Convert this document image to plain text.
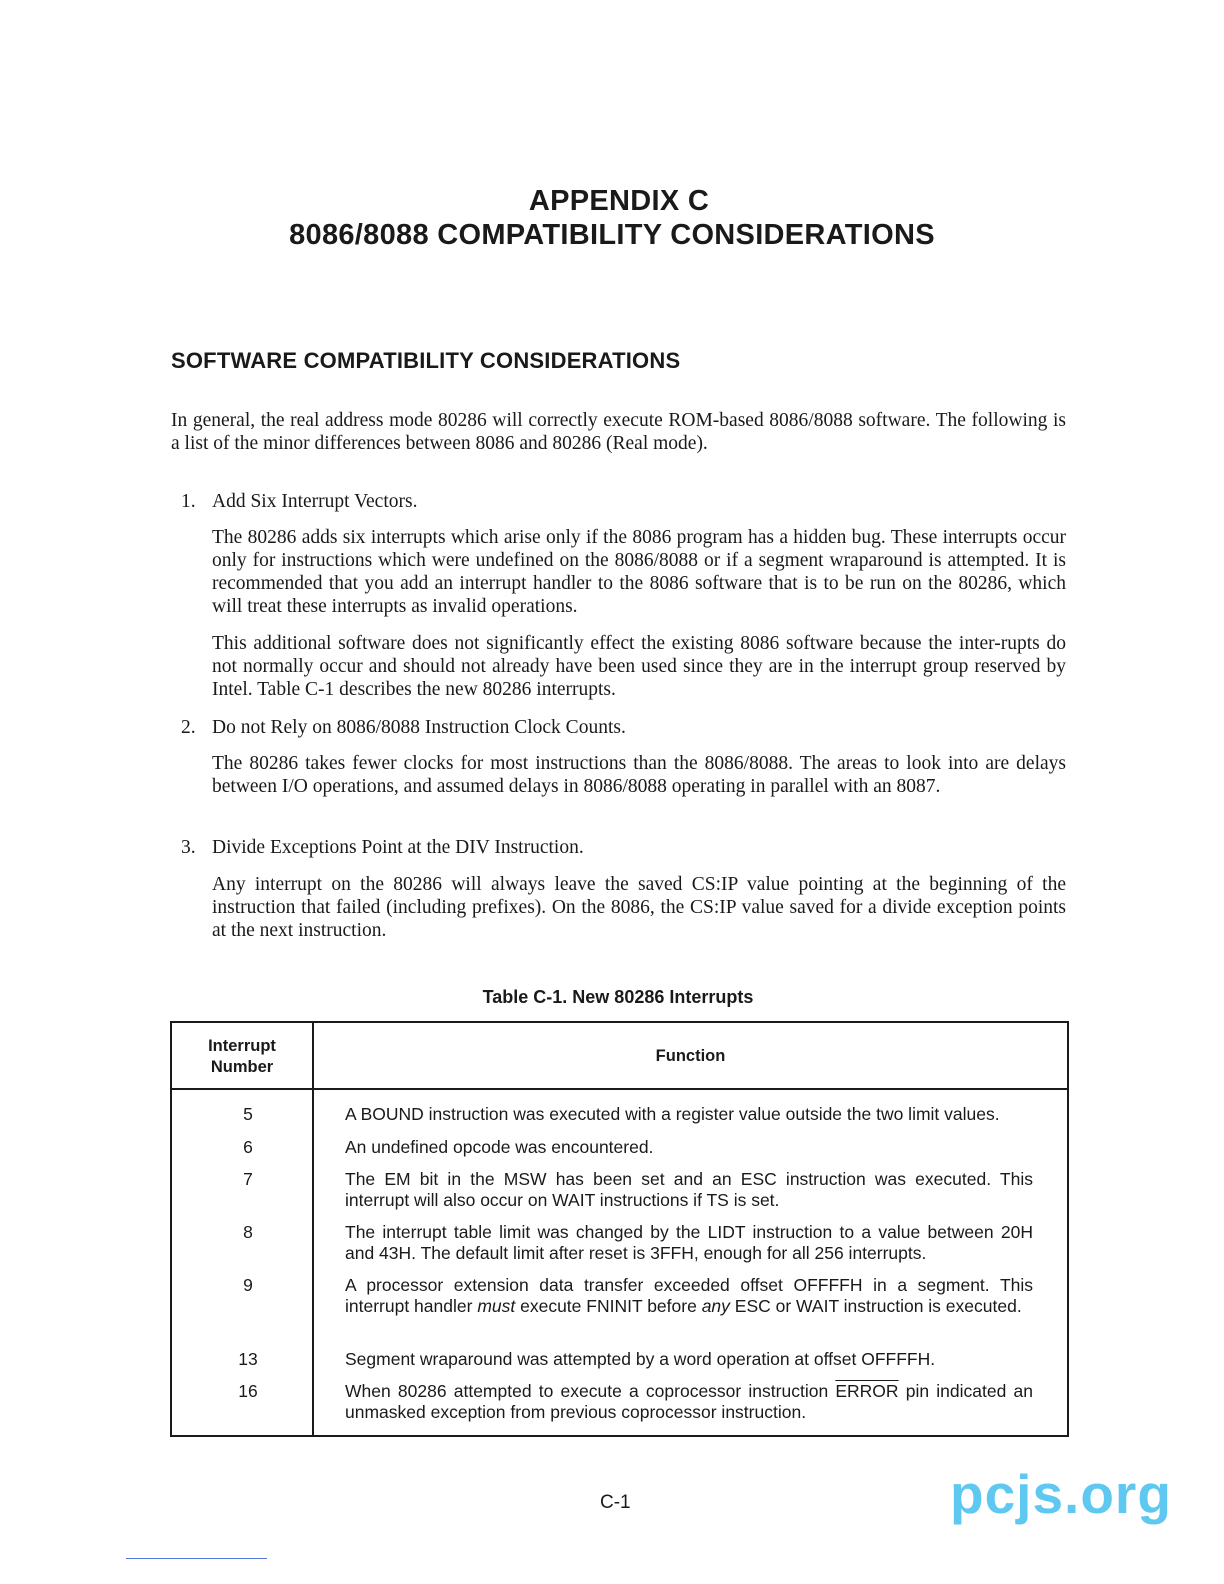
APPENDIX C
8086/8088 COMPATIBILITY CONSIDERATIONS
SOFTWARE COMPATIBILITY CONSIDERATIONS

In general, the real address mode 80286 will correctly execute ROM-based 8086/8088 software. The following is a list of the minor differences between 8086 and 80286 (Real mode).

1. Add Six Interrupt Vectors.

The 80286 adds six interrupts which arise only if the 8086 program has a hidden bug. These interrupts occur only for instructions which were undefined on the 8086/8088 or if a segment wraparound is attempted. It is recommended that you add an interrupt handler to the 8086 software that is to be run on the 80286, which will treat these interrupts as invalid operations.

This additional software does not significantly effect the existing 8086 software because the inter-rupts do not normally occur and should not already have been used since they are in the interrupt group reserved by Intel. Table C-1 describes the new 80286 interrupts.

2. Do not Rely on 8086/8088 Instruction Clock Counts.

The 80286 takes fewer clocks for most instructions than the 8086/8088. The areas to look into are delays between I/O operations, and assumed delays in 8086/8088 operating in parallel with an 8087.

3. Divide Exceptions Point at the DIV Instruction.

Any interrupt on the 80286 will always leave the saved CS:IP value pointing at the beginning of the instruction that failed (including prefixes). On the 8086, the CS:IP value saved for a divide exception points at the next instruction.

Table C-1. New 80286 Interrupts
Interrupt
Number
Function
5	A BOUND instruction was executed with a register value outside the two limit values.
6	An undefined opcode was encountered.
7	The EM bit in the MSW has been set and an ESC instruction was executed. This interrupt will also occur on WAIT instructions if TS is set.
8	The interrupt table limit was changed by the LIDT instruction to a value between 20H and 43H. The default limit after reset is 3FFH, enough for all 256 interrupts.
9	A processor extension data transfer exceeded offset OFFFFH in a segment. This interrupt handler must execute FNINIT before any ESC or WAIT instruction is executed.
13	Segment wraparound was attempted by a word operation at offset OFFFFH.
16	When 80286 attempted to execute a coprocessor instruction ERROR pin indicated an unmasked exception from previous coprocessor instruction.
C-1	pcjs.org
